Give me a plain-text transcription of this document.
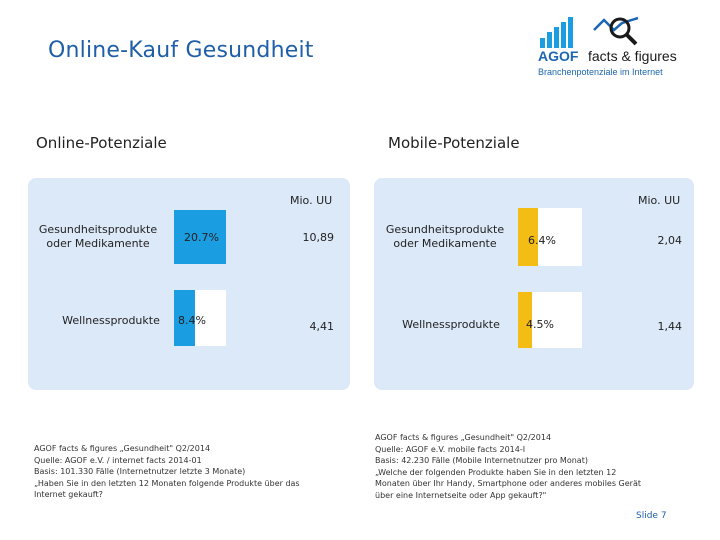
Online-Kauf Gesundheit	AGOF facts & figures
Branchenpotenziale im Internet
Online-Potenziale	Mobile-Potenziale
Mio. UU
Gesundheitsprodukte oder Medikamente	20.7%	10,89
Wellnessprodukte	8.4%	4,41
Mio. UU
Gesundheitsprodukte oder Medikamente	6.4%	2,04
Wellnessprodukte	4.5%	1,44
AGOF facts & figures „Gesundheit" Q2/2014
Quelle: AGOF e.V. / internet facts 2014-01
Basis: 101.330 Fälle (Internetnutzer letzte 3 Monate)
„Haben Sie in den letzten 12 Monaten folgende Produkte über das
Internet gekauft?
AGOF facts & figures „Gesundheit" Q2/2014
Quelle: AGOF e.V. mobile facts 2014-I
Basis: 42.230 Fälle (Mobile Internetnutzer pro Monat)
„Welche der folgenden Produkte haben Sie in den letzten 12
Monaten über Ihr Handy, Smartphone oder anderes mobiles Gerät
über eine Internetseite oder App gekauft?"
Slide 7
